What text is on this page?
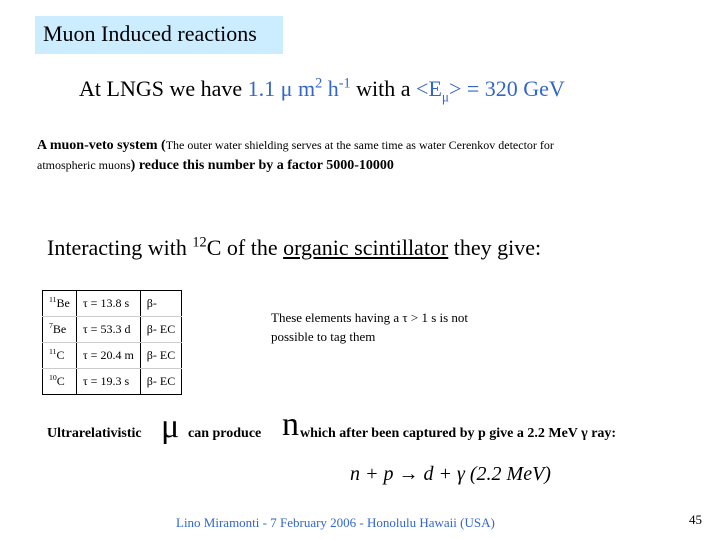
Muon Induced reactions
At LNGS we have 1.1 μ $m^2$ $h^{-1}$ with $a <E_\mu> = 320$ GeV
A muon-veto system (The outer water shielding serves at the same time as water Cerenkov detector for
atmospheric muons) reduce this number by a factor 5000-10000
Interacting with $^{12}$C of the organic scintillator they give:
$^{11}$Be	τ = 13.8 s	β-
$^7$Be	τ = 53.3 d	β- EC
$^{11}$C	τ = 20.4 m	β- EC
$^{10}$C	τ = 19.3 s	β- EC
These elements having a τ > 1 s is not possible to tag them
Ultrarelativistic μ can produce n which after been captured by p give a 2.2 MeV γ ray:
n + p → d + γ (2.2 MeV)
Lino Miramonti - 7 February 2006 - Honolulu Hawaii (USA)	45
